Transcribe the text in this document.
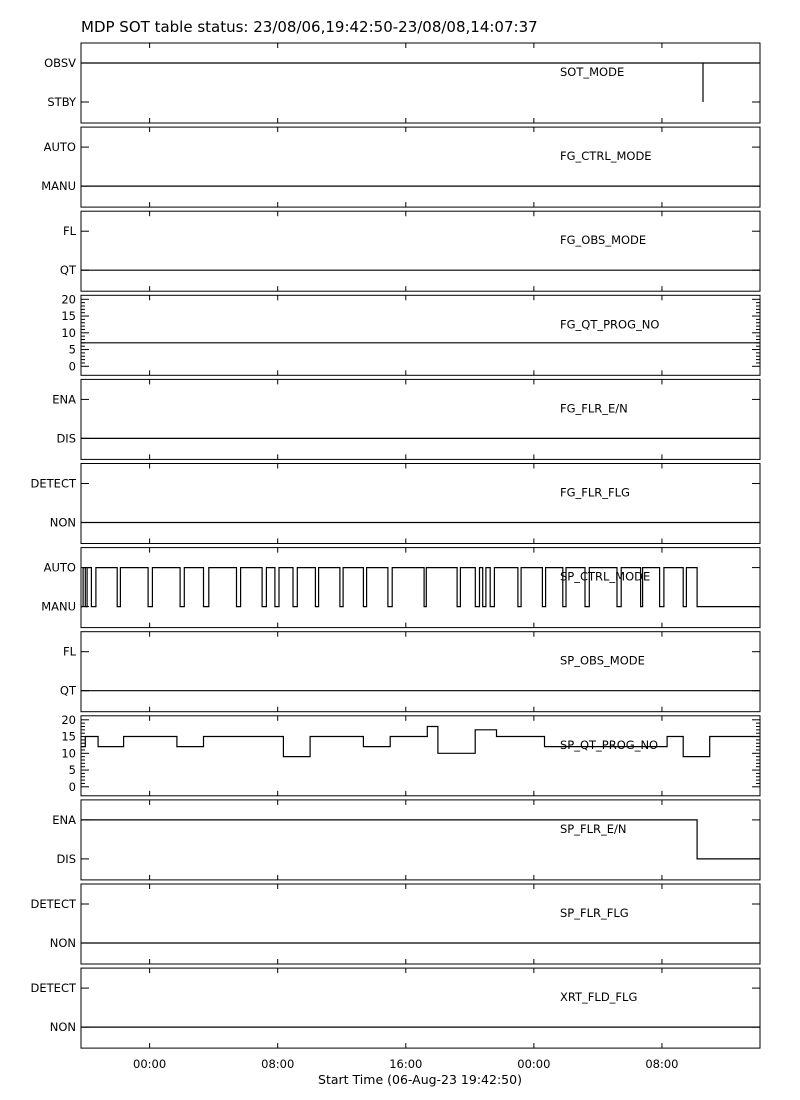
MDP SOT table status: 23/08/06,19:42:50-23/08/08,14:07:37
OBSV
STBY
SOT_MODE
AUTO
MANU
FG_CTRL_MODE
FL
QT
FG_OBS_MODE
20
15
10
5
0
FG_QT_PROG_NO
ENA
DIS
FG_FLR_E/N
DETECT
NON
FG_FLR_FLG
AUTO
MANU
SP_CTRL_MODE
FL
QT
SP_OBS_MODE
20
15
10
5
0
SP_QT_PROG_NO
ENA
DIS
SP_FLR_E/N
DETECT
NON
SP_FLR_FLG
DETECT
NON
XRT_FLD_FLG
00:00	08:00	16:00	00:00	08:00
Start Time (06-Aug-23 19:42:50)
